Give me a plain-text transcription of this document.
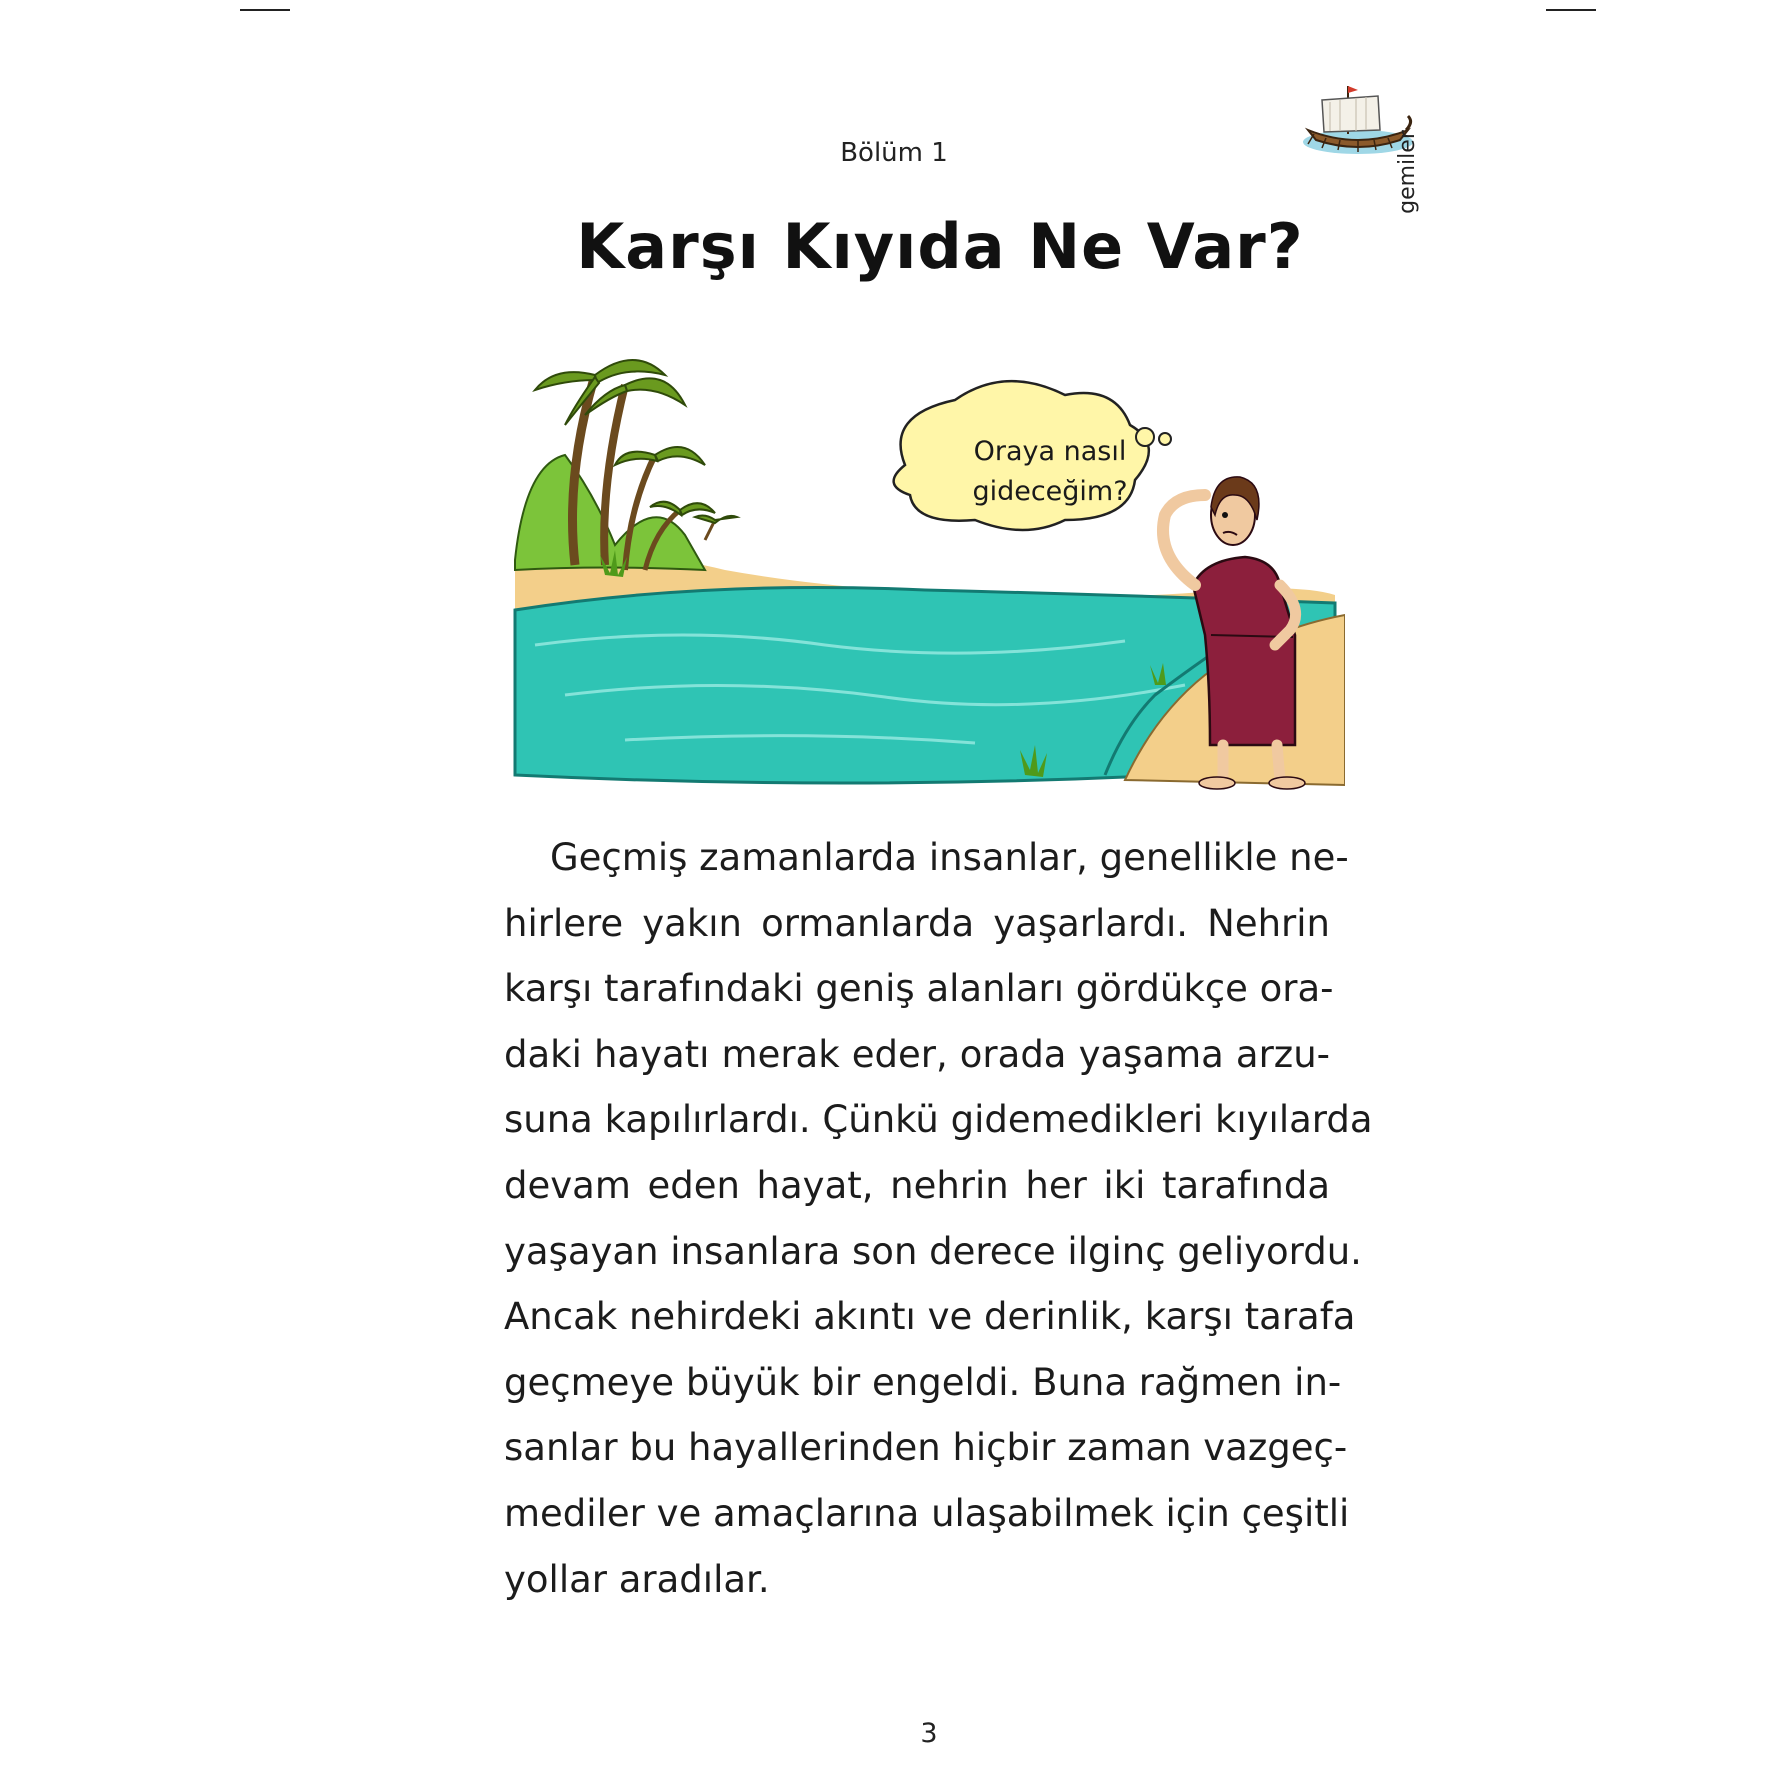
Bölüm 1
Karşı Kıyıda Ne Var?
gemiler
Oraya nasıl
gideceğim?
Geçmiş zamanlarda insanlar, genellikle ne-
hirlere yakın ormanlarda yaşarlardı. Nehrin
karşı tarafındaki geniş alanları gördükçe ora-
daki hayatı merak eder, orada yaşama arzu-
suna kapılırlardı. Çünkü gidemedikleri kıyılarda
devam eden hayat, nehrin her iki tarafında
yaşayan insanlara son derece ilginç geliyordu.
Ancak nehirdeki akıntı ve derinlik, karşı tarafa
geçmeye büyük bir engeldi. Buna rağmen in-
sanlar bu hayallerinden hiçbir zaman vazgeç-
mediler ve amaçlarına ulaşabilmek için çeşitli
yollar aradılar.
3
